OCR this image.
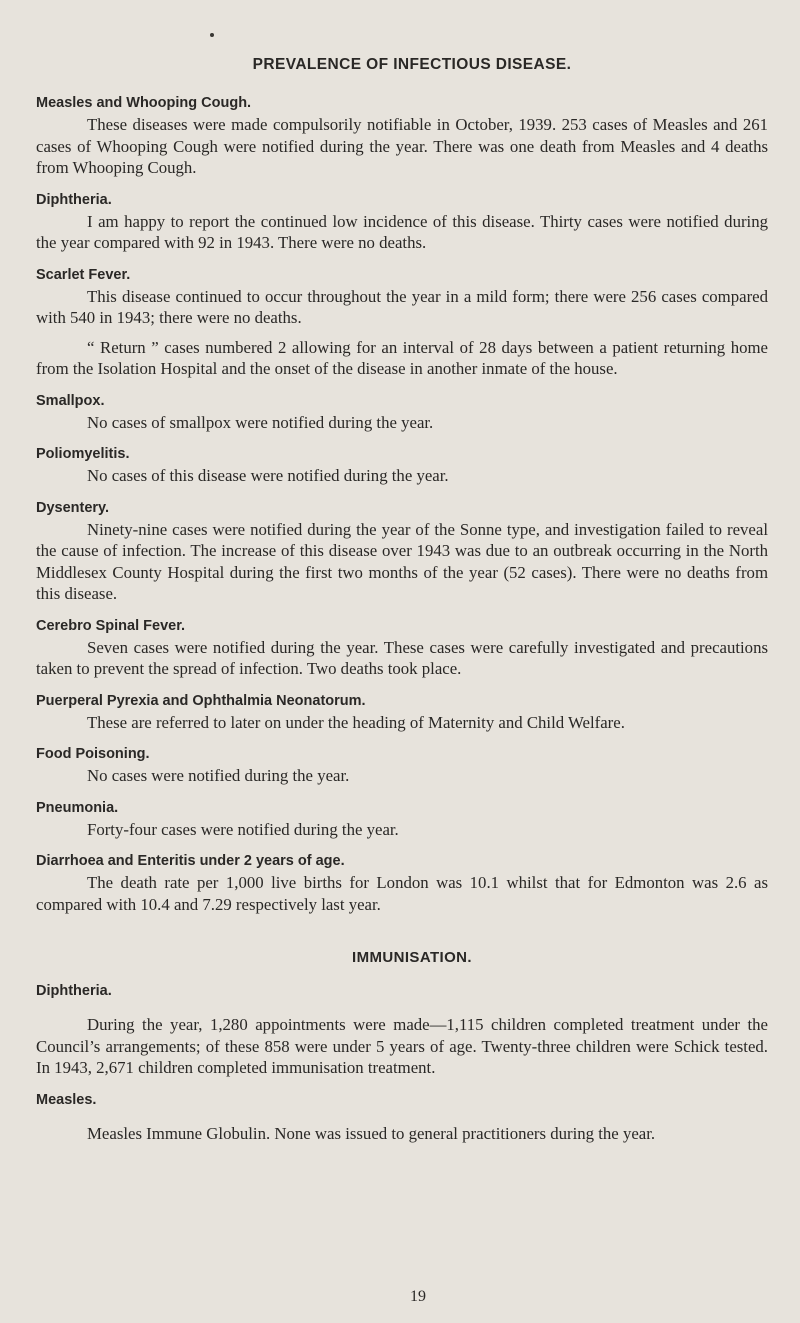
PREVALENCE OF INFECTIOUS DISEASE.
Measles and Whooping Cough.

These diseases were made compulsorily notifiable in October, 1939. 253 cases of Measles and 261 cases of Whooping Cough were notified during the year. There was one death from Measles and 4 deaths from Whooping Cough.

Diphtheria.

I am happy to report the continued low incidence of this disease. Thirty cases were notified during the year compared with 92 in 1943. There were no deaths.

Scarlet Fever.

This disease continued to occur throughout the year in a mild form; there were 256 cases compared with 540 in 1943; there were no deaths.

“ Return ” cases numbered 2 allowing for an interval of 28 days between a patient returning home from the Isolation Hospital and the onset of the disease in another inmate of the house.

Smallpox.

No cases of smallpox were notified during the year.

Poliomyelitis.

No cases of this disease were notified during the year.

Dysentery.

Ninety-nine cases were notified during the year of the Sonne type, and investigation failed to reveal the cause of infection. The increase of this disease over 1943 was due to an outbreak occurring in the North Middlesex County Hospital during the first two months of the year (52 cases). There were no deaths from this disease.

Cerebro Spinal Fever.

Seven cases were notified during the year. These cases were carefully investigated and precautions taken to prevent the spread of infection. Two deaths took place.

Puerperal Pyrexia and Ophthalmia Neonatorum.

These are referred to later on under the heading of Maternity and Child Welfare.

Food Poisoning.

No cases were notified during the year.

Pneumonia.

Forty-four cases were notified during the year.

Diarrhoea and Enteritis under 2 years of age.

The death rate per 1,000 live births for London was 10.1 whilst that for Edmonton was 2.6 as compared with 10.4 and 7.29 respectively last year.

IMMUNISATION.
Diphtheria.

During the year, 1,280 appointments were made—1,115 children completed treatment under the Council’s arrangements; of these 858 were under 5 years of age. Twenty-three children were Schick tested. In 1943, 2,671 children completed immunisation treatment.

Measles.

Measles Immune Globulin. None was issued to general practitioners during the year.

19
